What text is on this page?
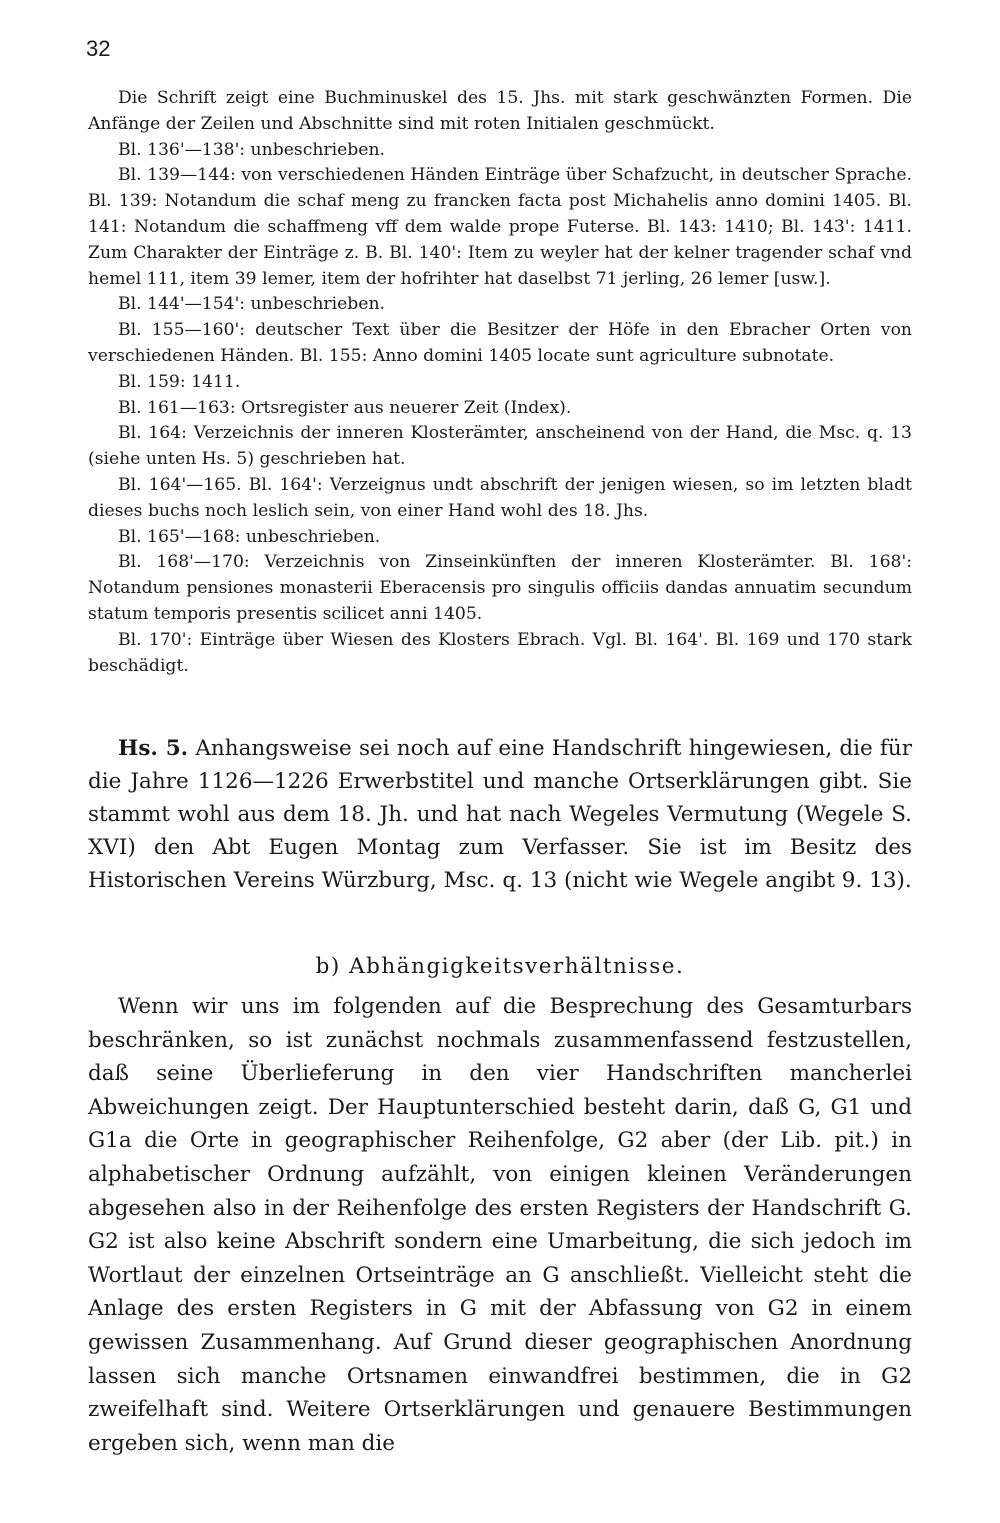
32

Die Schrift zeigt eine Buchminuskel des 15. Jhs. mit stark geschwänzten Formen. Die Anfänge der Zeilen und Abschnitte sind mit roten Initialen geschmückt.

Bl. 136'—138': unbeschrieben.

Bl. 139—144: von verschiedenen Händen Einträge über Schafzucht, in deutscher Sprache. Bl. 139: Notandum die schaf meng zu francken facta post Michahelis anno domini 1405. Bl. 141: Notandum die schaffmeng vff dem walde prope Futerse. Bl. 143: 1410; Bl. 143': 1411. Zum Charakter der Einträge z. B. Bl. 140': Item zu weyler hat der kelner tragender schaf vnd hemel 111, item 39 lemer, item der hofrihter hat daselbst 71 jerling, 26 lemer [usw.].

Bl. 144'—154': unbeschrieben.

Bl. 155—160': deutscher Text über die Besitzer der Höfe in den Ebracher Orten von verschiedenen Händen. Bl. 155: Anno domini 1405 locate sunt agriculture subnotate.

Bl. 159: 1411.

Bl. 161—163: Ortsregister aus neuerer Zeit (Index).

Bl. 164: Verzeichnis der inneren Klosterämter, anscheinend von der Hand, die Msc. q. 13 (siehe unten Hs. 5) geschrieben hat.

Bl. 164'—165. Bl. 164': Verzeignus undt abschrift der jenigen wiesen, so im letzten bladt dieses buchs noch leslich sein, von einer Hand wohl des 18. Jhs.

Bl. 165'—168: unbeschrieben.

Bl. 168'—170: Verzeichnis von Zinseinkünften der inneren Klosterämter. Bl. 168': Notandum pensiones monasterii Eberacensis pro singulis officiis dandas annuatim secundum statum temporis presentis scilicet anni 1405.

Bl. 170': Einträge über Wiesen des Klosters Ebrach. Vgl. Bl. 164'. Bl. 169 und 170 stark beschädigt.

Hs. 5. Anhangsweise sei noch auf eine Handschrift hingewiesen, die für die Jahre 1126—1226 Erwerbstitel und manche Ortserklärungen gibt. Sie stammt wohl aus dem 18. Jh. und hat nach Wegeles Vermutung (Wegele S. XVI) den Abt Eugen Montag zum Verfasser. Sie ist im Besitz des Historischen Vereins Würzburg, Msc. q. 13 (nicht wie Wegele angibt 9. 13).

b) Abhängigkeitsverhältnisse.

Wenn wir uns im folgenden auf die Besprechung des Gesamturbars beschränken, so ist zunächst nochmals zusammenfassend festzustellen, daß seine Überlieferung in den vier Handschriften mancherlei Abweichungen zeigt. Der Hauptunterschied besteht darin, daß G, G1 und G1a die Orte in geographischer Reihenfolge, G2 aber (der Lib. pit.) in alphabetischer Ordnung aufzählt, von einigen kleinen Veränderungen abgesehen also in der Reihenfolge des ersten Registers der Handschrift G. G2 ist also keine Abschrift sondern eine Umarbeitung, die sich jedoch im Wortlaut der einzelnen Ortseinträge an G anschließt. Vielleicht steht die Anlage des ersten Registers in G mit der Abfassung von G2 in einem gewissen Zusammenhang. Auf Grund dieser geographischen Anordnung lassen sich manche Ortsnamen einwandfrei bestimmen, die in G2 zweifelhaft sind. Weitere Ortserklärungen und genauere Bestimmungen ergeben sich, wenn man die
